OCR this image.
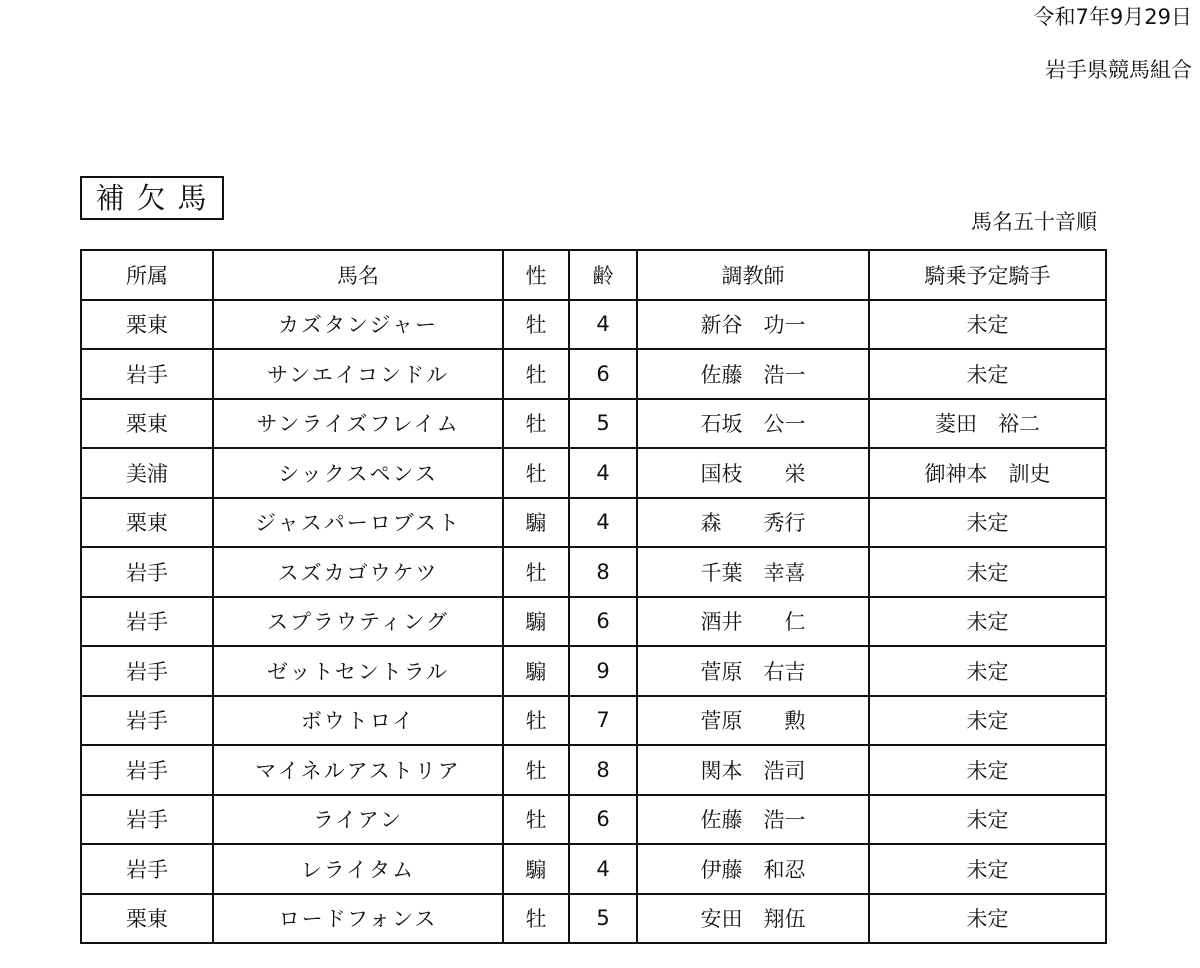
令和7年9月29日
岩手県競馬組合
補欠馬
馬名五十音順
所属	馬名	性	齢	調教師	騎乗予定騎手
栗東	カズタンジャー	牡	4	新谷　功一	未定
岩手	サンエイコンドル	牡	6	佐藤　浩一	未定
栗東	サンライズフレイム	牡	5	石坂　公一	菱田　裕二
美浦	シックスペンス	牡	4	国枝　　栄	御神本　訓史
栗東	ジャスパーロブスト	騸	4	森　　秀行	未定
岩手	スズカゴウケツ	牡	8	千葉　幸喜	未定
岩手	スプラウティング	騸	6	酒井　　仁	未定
岩手	ゼットセントラル	騸	9	菅原　右吉	未定
岩手	ボウトロイ	牡	7	菅原　　勲	未定
岩手	マイネルアストリア	牡	8	関本　浩司	未定
岩手	ライアン	牡	6	佐藤　浩一	未定
岩手	レライタム	騸	4	伊藤　和忍	未定
栗東	ロードフォンス	牡	5	安田　翔伍	未定
